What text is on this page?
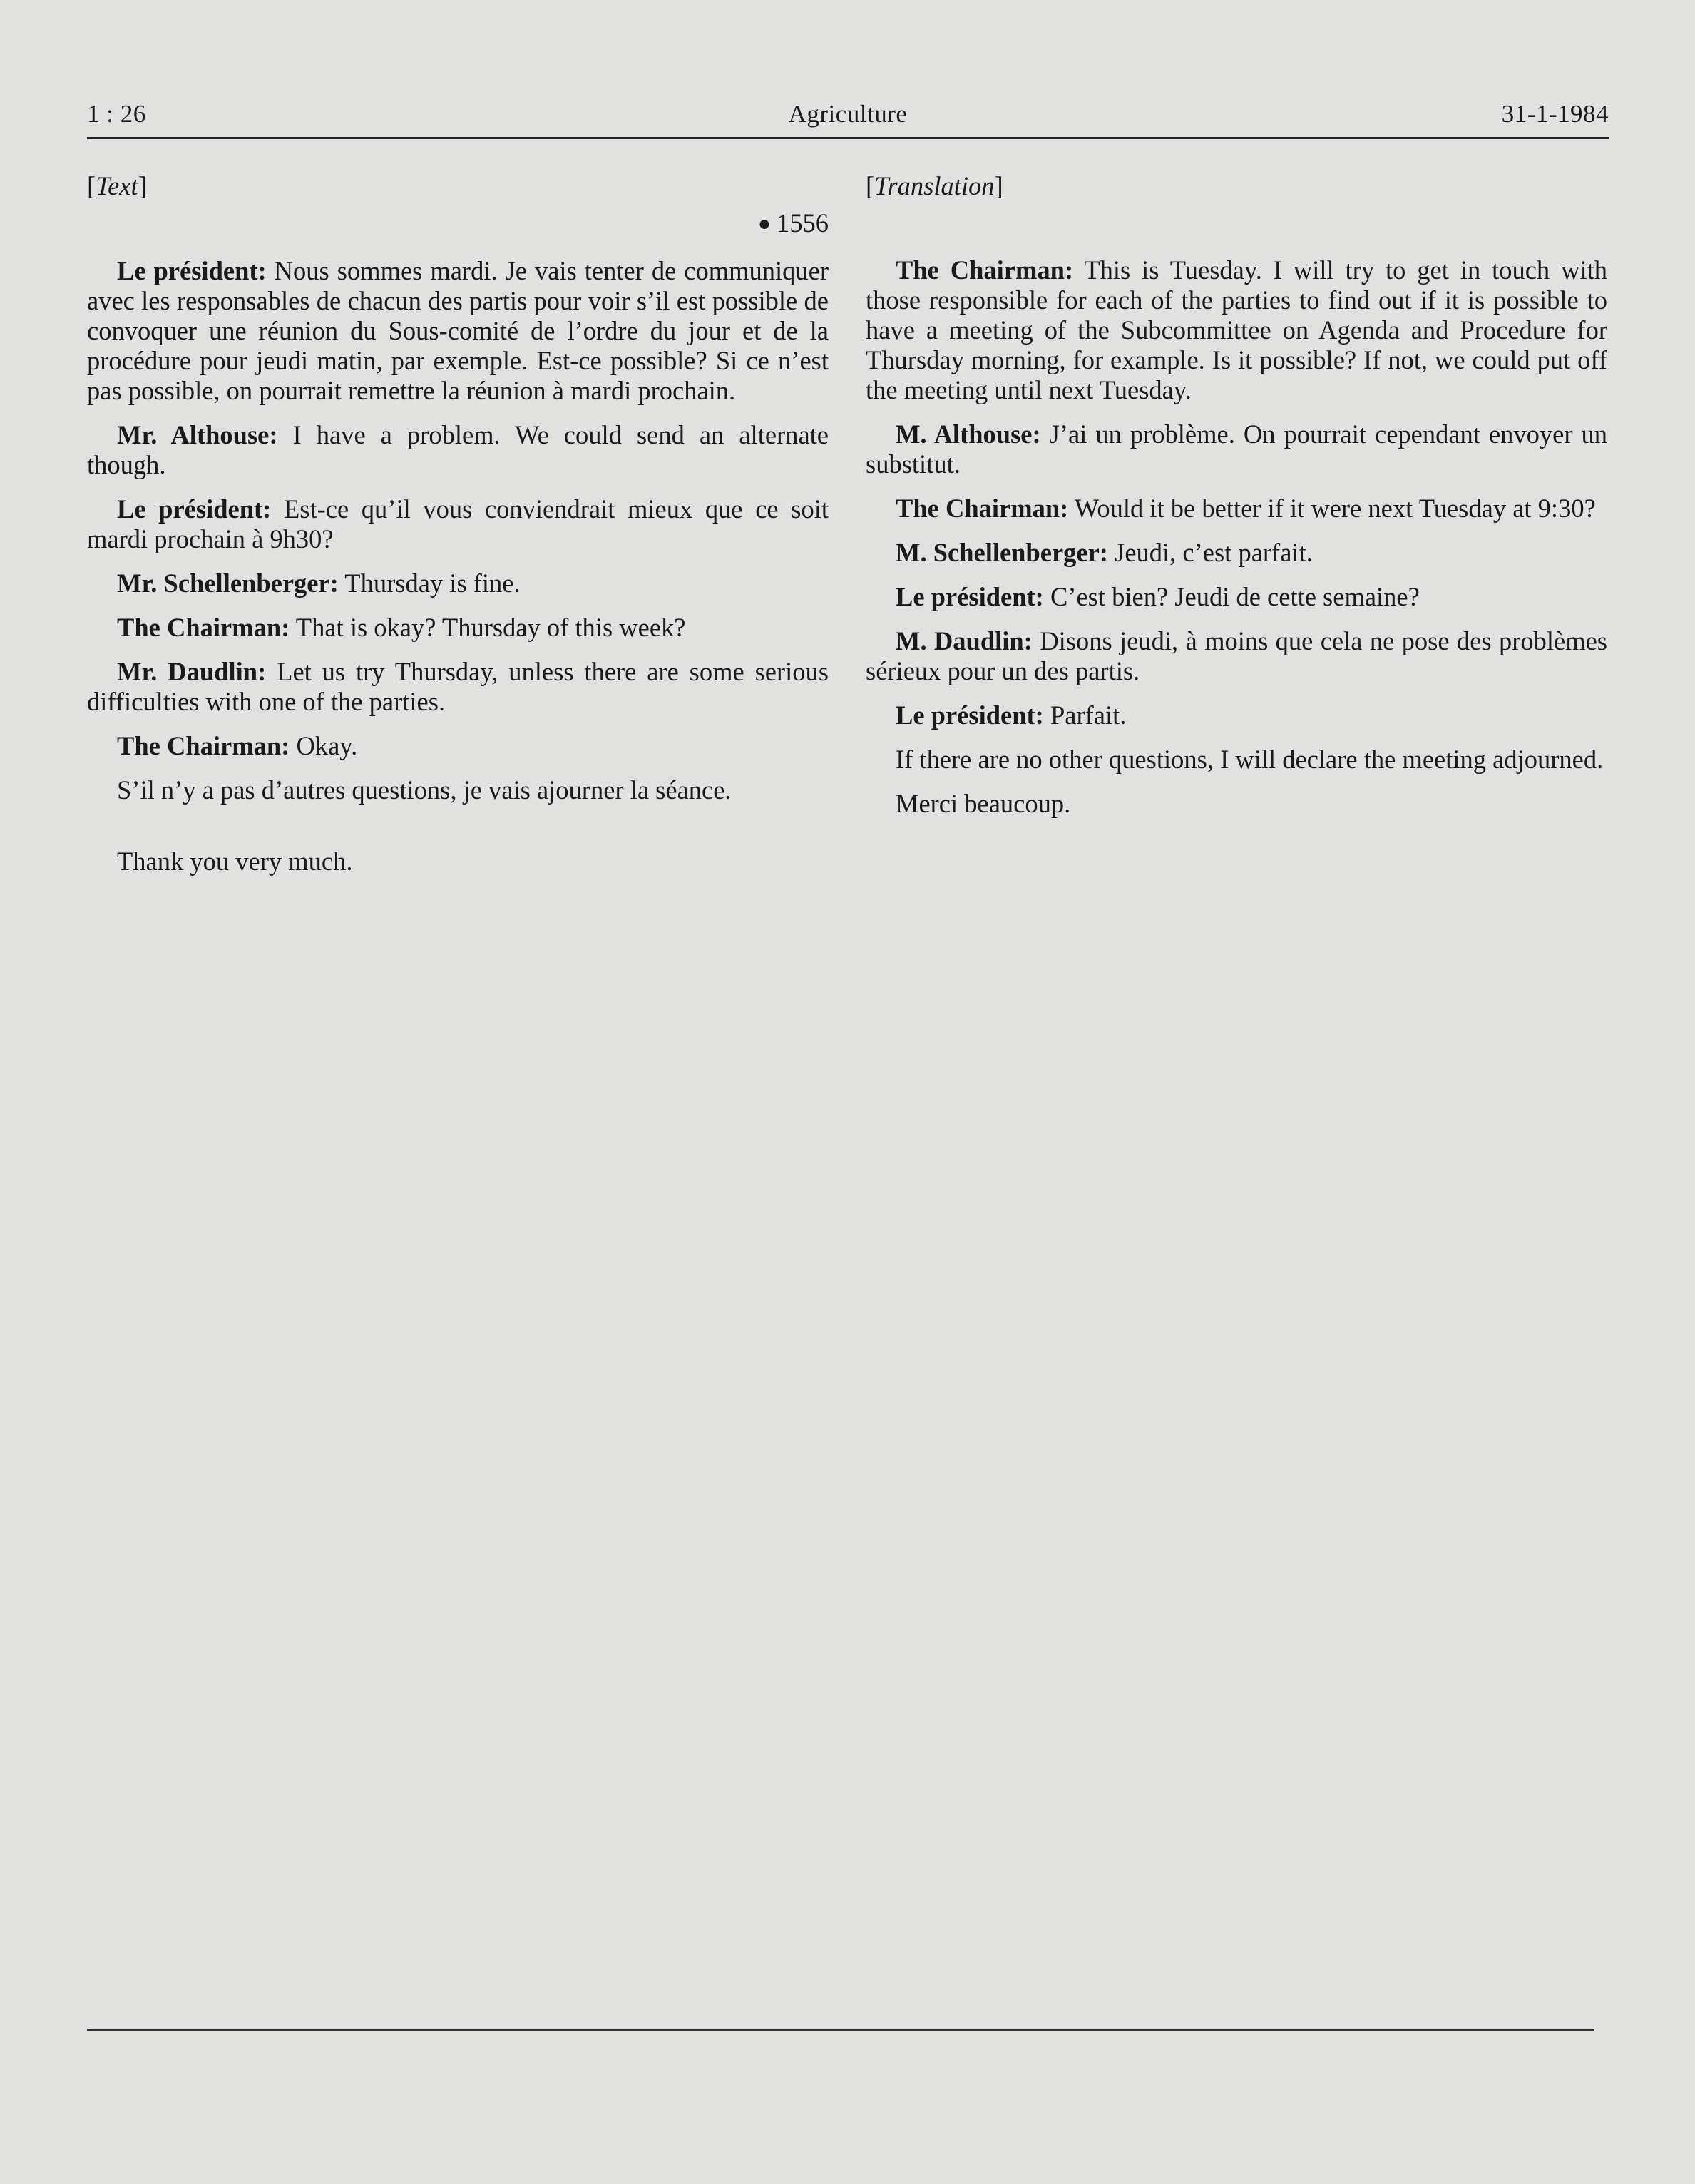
1 : 26	Agriculture	31-1-1984

[Text]

● 1556

Le président: Nous sommes mardi. Je vais tenter de communiquer avec les responsables de chacun des partis pour voir s’il est possible de convoquer une réunion du Sous-comité de l’ordre du jour et de la procédure pour jeudi matin, par exemple. Est-ce possible? Si ce n’est pas possible, on pourrait remettre la réunion à mardi prochain.

Mr. Althouse: I have a problem. We could send an alternate though.

Le président: Est-ce qu’il vous conviendrait mieux que ce soit mardi prochain à 9h30?

Mr. Schellenberger: Thursday is fine.

The Chairman: That is okay? Thursday of this week?

Mr. Daudlin: Let us try Thursday, unless there are some serious difficulties with one of the parties.

The Chairman: Okay.

S’il n’y a pas d’autres questions, je vais ajourner la séance.

Thank you very much.

[Translation]

The Chairman: This is Tuesday. I will try to get in touch with those responsible for each of the parties to find out if it is possible to have a meeting of the Subcommittee on Agenda and Procedure for Thursday morning, for example. Is it possible? If not, we could put off the meeting until next Tuesday.

M. Althouse: J’ai un problème. On pourrait cependant envoyer un substitut.

The Chairman: Would it be better if it were next Tuesday at 9:30?

M. Schellenberger: Jeudi, c’est parfait.

Le président: C’est bien? Jeudi de cette semaine?

M. Daudlin: Disons jeudi, à moins que cela ne pose des problèmes sérieux pour un des partis.

Le président: Parfait.

If there are no other questions, I will declare the meeting adjourned.

Merci beaucoup.
